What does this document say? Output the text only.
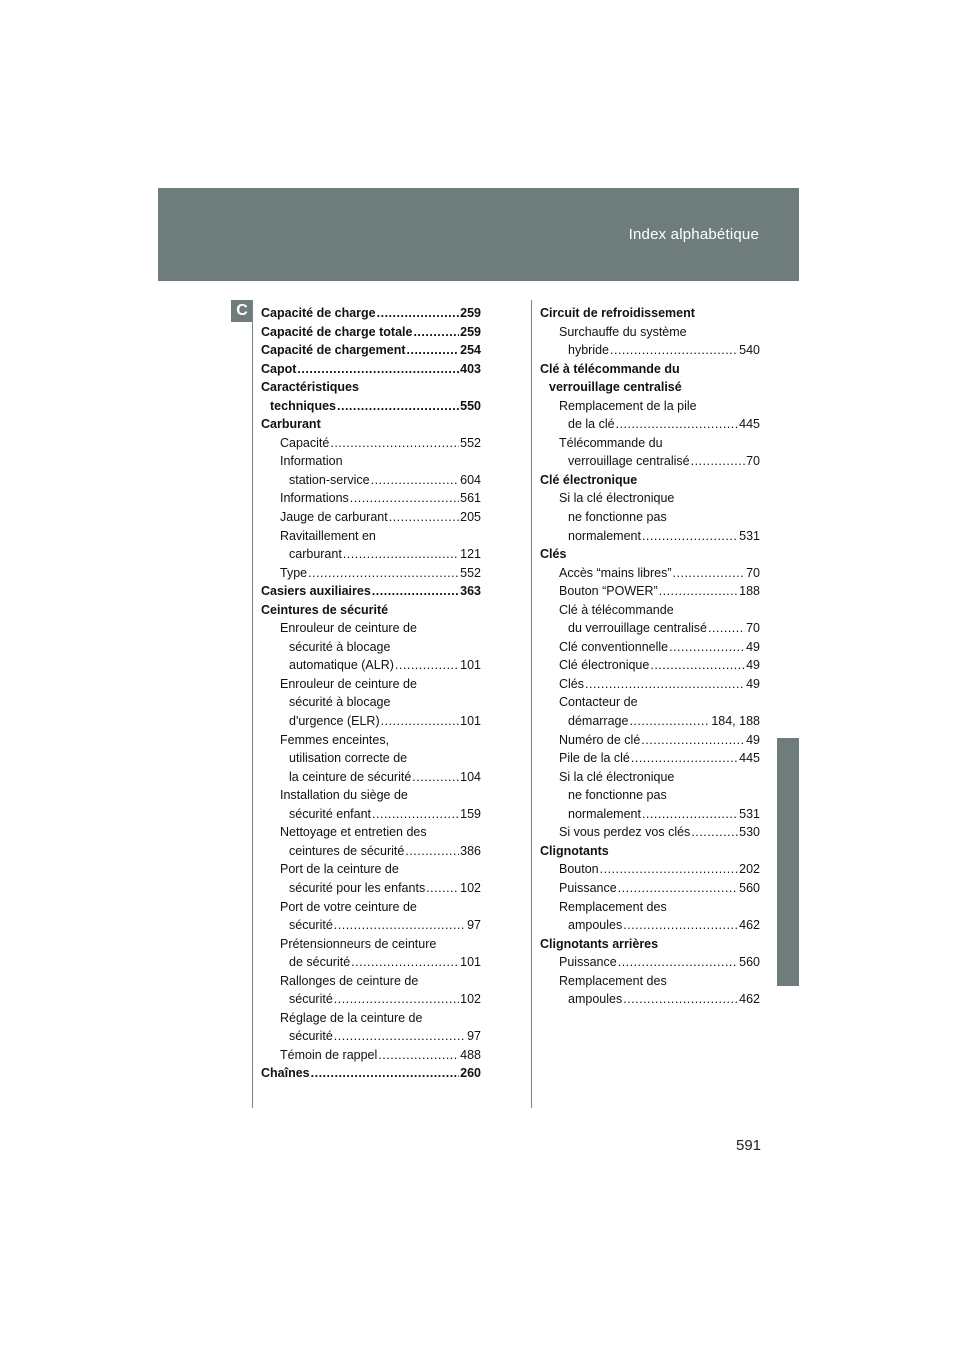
Index alphabétique
C	Capacité de charge .....	259
Capacité de charge totale .....	259
Capacité de chargement .....	254
Capot .....	403
Caractéristiques
techniques .....	550
Carburant
Capacité .....	552
Information
station-service .....	604
Informations .....	561
Jauge de carburant .....	205
Ravitaillement en
carburant .....	121
Type .....	552
Casiers auxiliaires .....	363
Ceintures de sécurité
Enrouleur de ceinture de
sécurité à blocage
automatique (ALR) .....	101
Enrouleur de ceinture de
sécurité à blocage
d'urgence (ELR) .....	101
Femmes enceintes,
utilisation correcte de
la ceinture de sécurité .....	104
Installation du siège de
sécurité enfant .....	159
Nettoyage et entretien des
ceintures de sécurité .....	386
Port de la ceinture de
sécurité pour les enfants .....	102
Port de votre ceinture de
sécurité .....	97
Prétensionneurs de ceinture
de sécurité .....	101
Rallonges de ceinture de
sécurité .....	102
Réglage de la ceinture de
sécurité .....	97
Témoin de rappel .....	488
Chaînes .....	260
Circuit de refroidissement
Surchauffe du système
hybride .....	540
Clé à télécommande du
verrouillage centralisé
Remplacement de la pile
de la clé .....	445
Télécommande du
verrouillage centralisé .....	70
Clé électronique
Si la clé électronique
ne fonctionne pas
normalement .....	531
Clés
Accès “mains libres” .....	70
Bouton “POWER” .....	188
Clé à télécommande
du verrouillage centralisé .....	70
Clé conventionnelle .....	49
Clé électronique .....	49
Clés .....	49
Contacteur de
démarrage .....	184, 188
Numéro de clé .....	49
Pile de la clé .....	445
Si la clé électronique
ne fonctionne pas
normalement .....	531
Si vous perdez vos clés .....	530
Clignotants
Bouton .....	202
Puissance .....	560
Remplacement des
ampoules .....	462
Clignotants arrières
Puissance .....	560
Remplacement des
ampoules .....	462
591
